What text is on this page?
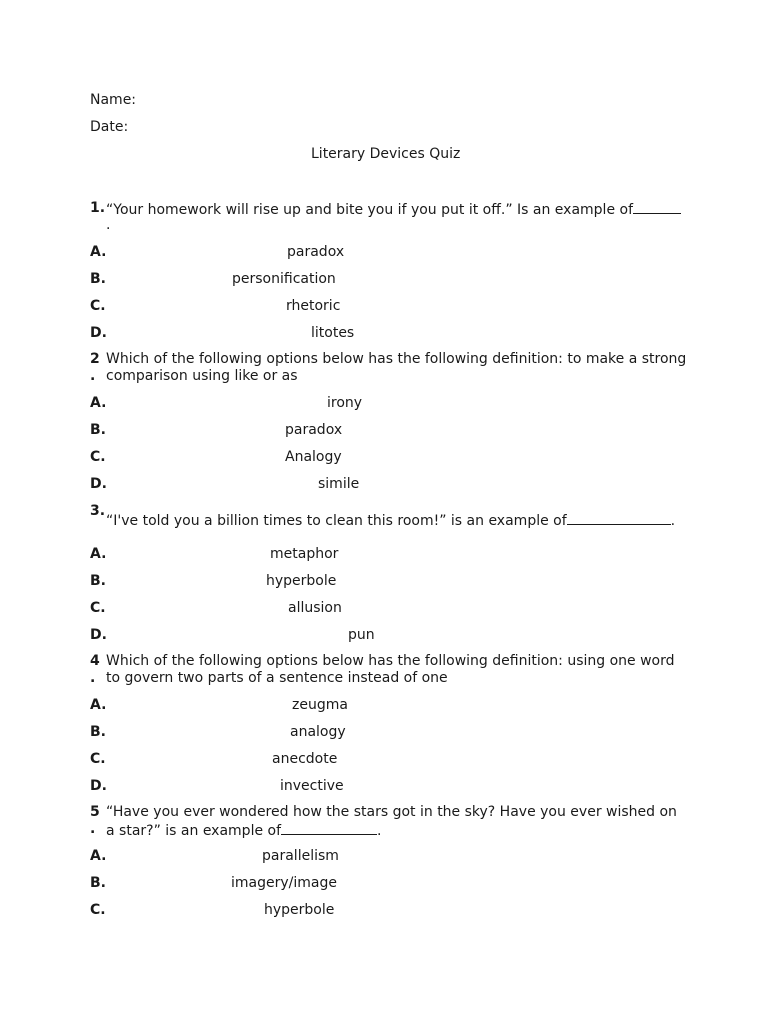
Name:
Date:
Literary Devices Quiz
1. “Your homework will rise up and bite you if you put it off.” Is an example of
.
A.	paradox
B.	personification
C.	rhetoric
D.	litotes
2
.
Which of the following options below has the following definition: to make a strong
comparison using like or as
A.	irony
B.	paradox
C.	Analogy
D.	simile
3.
“I've told you a billion times to clean this room!” is an example of	.
A.	metaphor
B.	hyperbole
C.	allusion
D.	pun
4
.
Which of the following options below has the following definition: using one word
to govern two parts of a sentence instead of one
A.	zeugma
B.	analogy
C.	anecdote
D.	invective
5
.
“Have you ever wondered how the stars got in the sky? Have you ever wished on
a star?” is an example of	.
A.	parallelism
B.	imagery/image
C.	hyperbole
